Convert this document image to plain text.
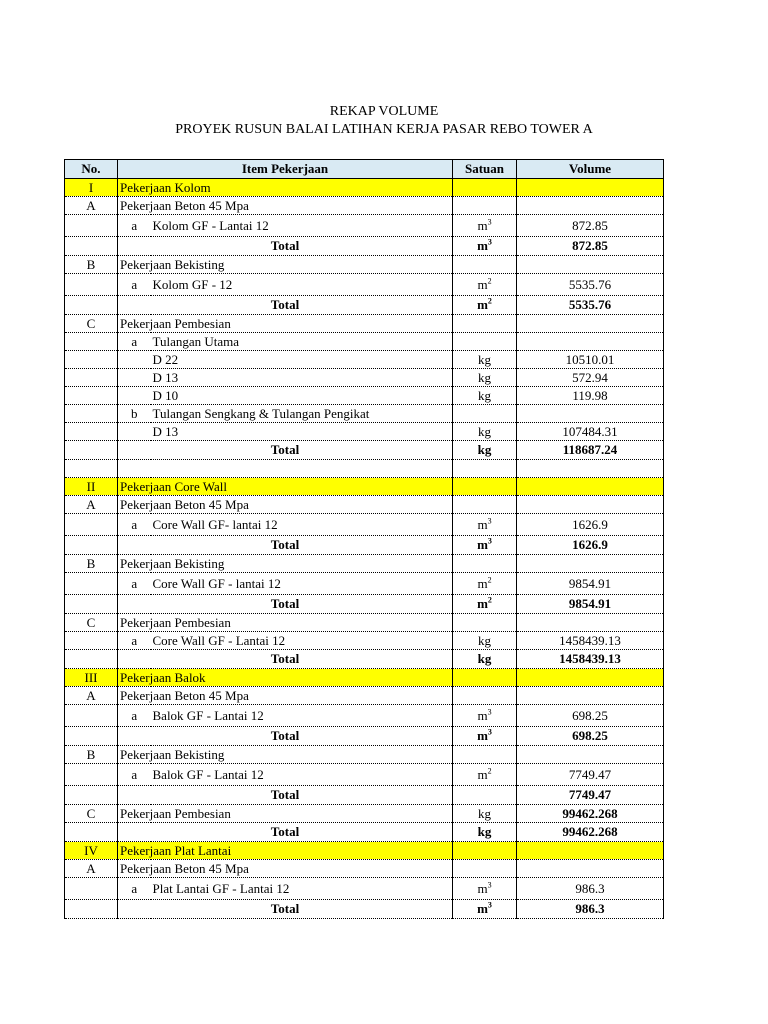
REKAP VOLUME
PROYEK RUSUN BALAI LATIHAN KERJA PASAR REBO TOWER A
No.	Item Pekerjaan		Satuan	Volume
I	Pekerjaan Kolom			
A	Pekerjaan Beton 45 Mpa			
	a	Kolom GF - Lantai 12	$m^3$	872.85
	Total		$m^3$	872.85
B	Pekerjaan Bekisting			
	a	Kolom GF - 12	$m^2$	5535.76
	Total		$m^2$	5535.76
C	Pekerjaan Pembesian			
	a	Tulangan Utama		
		D 22	kg	10510.01
		D 13	kg	572.94
		D 10	kg	119.98
	b	Tulangan Sengkang & Tulangan Pengikat		
		D 13	kg	107484.31
	Total		kg	118687.24

II	Pekerjaan Core Wall			
A	Pekerjaan Beton 45 Mpa			
	a	Core Wall GF- lantai 12	$m^3$	1626.9
	Total		$m^3$	1626.9
B	Pekerjaan Bekisting			
	a	Core Wall GF - lantai 12	$m^2$	9854.91
	Total		$m^2$	9854.91
C	Pekerjaan Pembesian			
	a	Core Wall GF - Lantai 12	kg	1458439.13
	Total		kg	1458439.13
III	Pekerjaan Balok			
A	Pekerjaan Beton 45 Mpa			
	a	Balok GF - Lantai 12	$m^3$	698.25
	Total		$m^3$	698.25
B	Pekerjaan Bekisting			
	a	Balok GF - Lantai 12	$m^2$	7749.47
	Total			7749.47
C	Pekerjaan Pembesian		kg	99462.268
	Total		kg	99462.268
IV	Pekerjaan Plat Lantai			
A	Pekerjaan Beton 45 Mpa			
	a	Plat Lantai GF - Lantai 12	$m^3$	986.3
	Total		$m^3$	986.3
